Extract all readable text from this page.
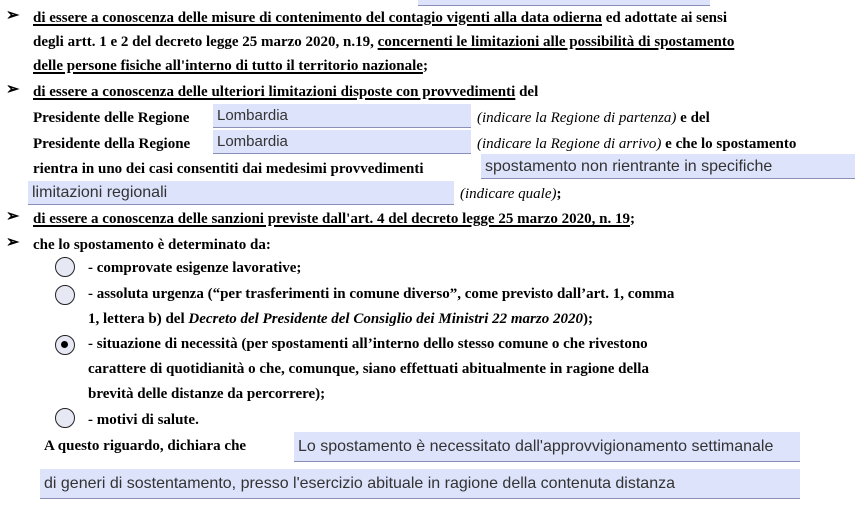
➢ di essere a conoscenza delle misure di contenimento del contagio vigenti alla data odierna ed adottate ai sensi
degli artt. 1 e 2 del decreto legge 25 marzo 2020, n.19, concernenti le limitazioni alle possibilità di spostamento
delle persone fisiche all'interno di tutto il territorio nazionale;
➢ di essere a conoscenza delle ulteriori limitazioni disposte con provvedimenti del
Presidente delle Regione Lombardia	(indicare la Regione di partenza) e del
Presidente della Regione Lombardia	(indicare la Regione di arrivo) e che lo spostamento
rientra in uno dei casi consentiti dai medesimi provvedimenti	spostamento non rientrante in specifiche
limitazioni regionali	(indicare quale);
➢ di essere a conoscenza delle sanzioni previste dall'art. 4 del decreto legge 25 marzo 2020, n. 19;
➢ che lo spostamento è determinato da:
- comprovate esigenze lavorative;
- assoluta urgenza (“per trasferimenti in comune diverso”, come previsto dall’art. 1, comma
1, lettera b) del Decreto del Presidente del Consiglio dei Ministri 22 marzo 2020);
- situazione di necessità (per spostamenti all’interno dello stesso comune o che rivestono
carattere di quotidianità o che, comunque, siano effettuati abitualmente in ragione della
brevità delle distanze da percorrere);
- motivi di salute.
A questo riguardo, dichiara che	Lo spostamento è necessitato dall'approvvigionamento settimanale
di generi di sostentamento, presso l'esercizio abituale in ragione della contenuta distanza
